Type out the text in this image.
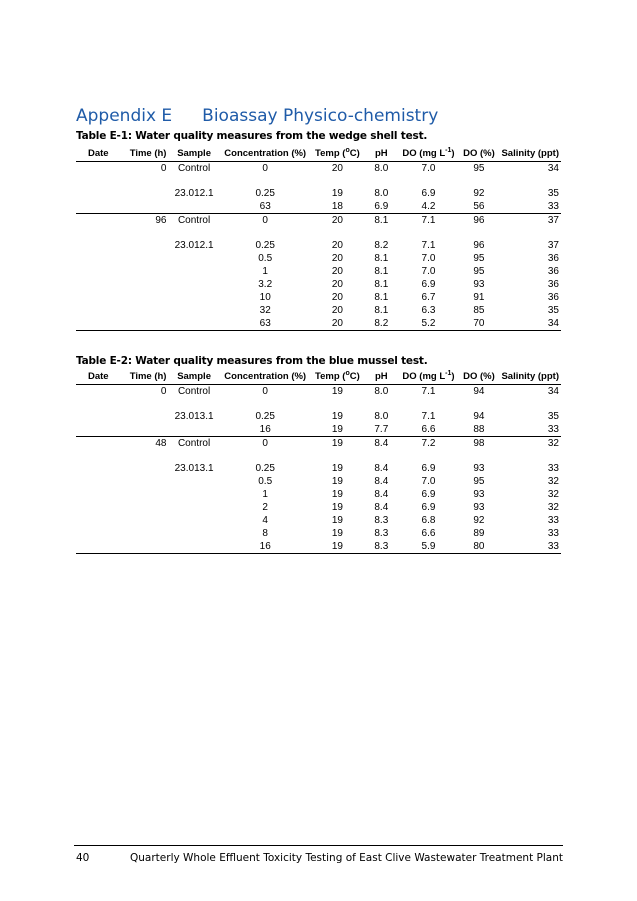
Appendix E Bioassay Physico-chemistry
Table E-1: Water quality measures from the wedge shell test.
Date	Time (h)	Sample	Concentration (%)	Temp ($^o$C)	pH	DO (mg $L^{-1}$)	DO (%)	Salinity (ppt)
	0	Control	0	20	8.0	7.0	95	34
		23.012.1	0.25	19	8.0	6.9	92	35
			63	18	6.9	4.2	56	33
	96	Control	0	20	8.1	7.1	96	37
		23.012.1	0.25	20	8.2	7.1	96	37
			0.5	20	8.1	7.0	95	36
			1	20	8.1	7.0	95	36
			3.2	20	8.1	6.9	93	36
			10	20	8.1	6.7	91	36
			32	20	8.1	6.3	85	35
			63	20	8.2	5.2	70	34
Table E-2: Water quality measures from the blue mussel test.
Date	Time (h)	Sample	Concentration (%)	Temp ($^o$C)	pH	DO (mg $L^{-1}$)	DO (%)	Salinity (ppt)
	0	Control	0	19	8.0	7.1	94	34
		23.013.1	0.25	19	8.0	7.1	94	35
			16	19	7.7	6.6	88	33
	48	Control	0	19	8.4	7.2	98	32
		23.013.1	0.25	19	8.4	6.9	93	33
			0.5	19	8.4	7.0	95	32
			1	19	8.4	6.9	93	32
			2	19	8.4	6.9	93	32
			4	19	8.3	6.8	92	33
			8	19	8.3	6.6	89	33
			16	19	8.3	5.9	80	33
40	Quarterly Whole Effluent Toxicity Testing of East Clive Wastewater Treatment Plant
